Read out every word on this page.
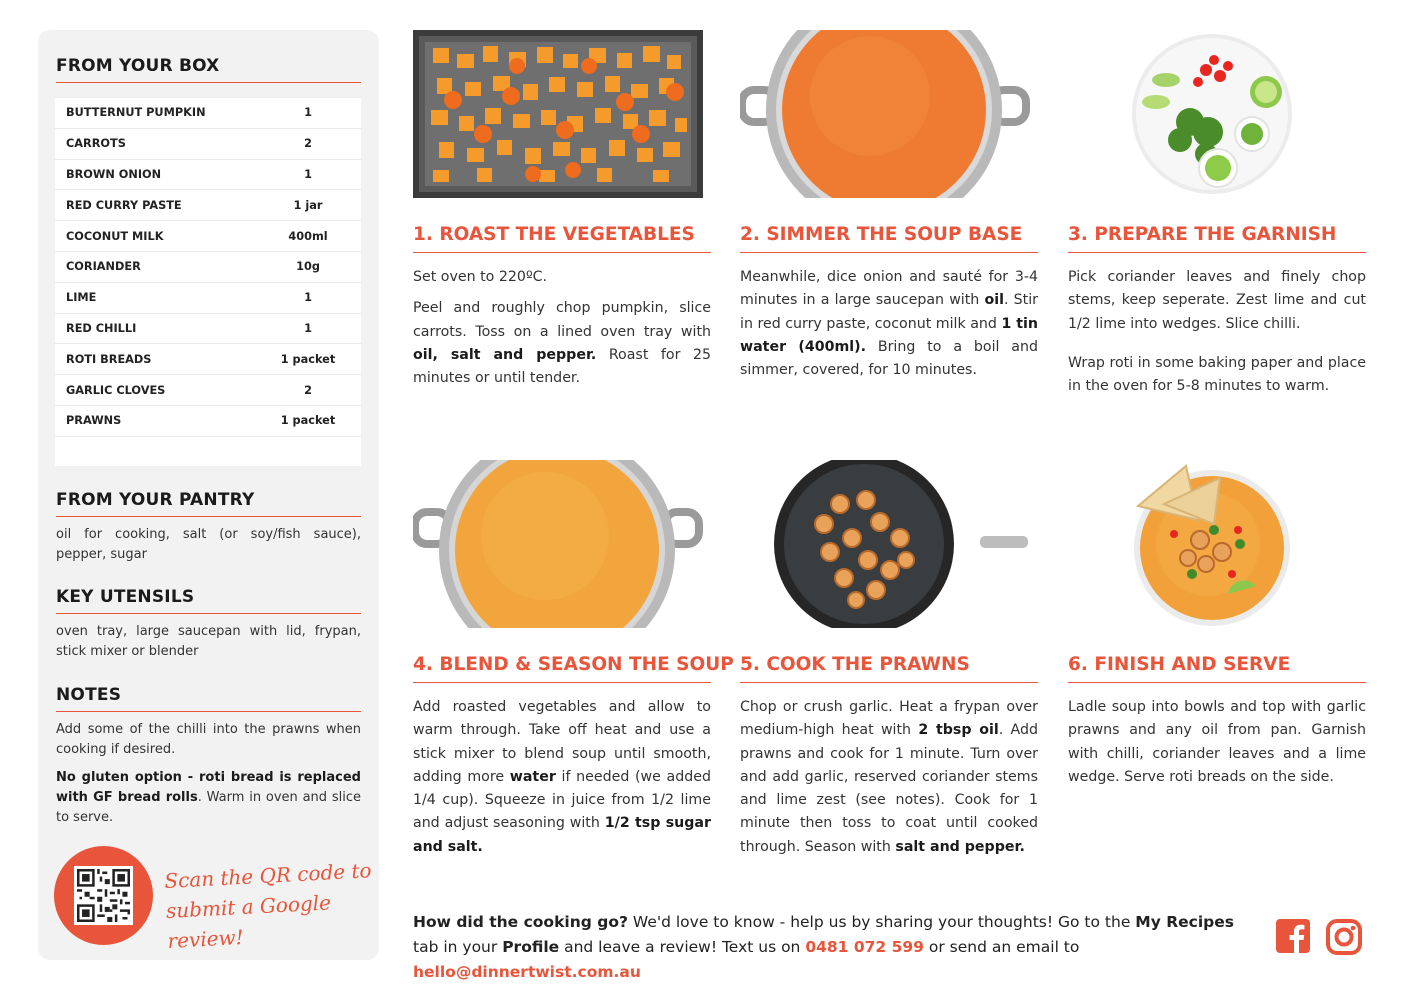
FROM YOUR BOX
BUTTERNUT PUMPKIN	1
CARROTS	2
BROWN ONION	1
RED CURRY PASTE	1 jar
COCONUT MILK	400ml
CORIANDER	10g
LIME	1
RED CHILLI	1
ROTI BREADS	1 packet
GARLIC CLOVES	2
PRAWNS	1 packet
FROM YOUR PANTRY
oil for cooking, salt (or soy/fish sauce), pepper, sugar
KEY UTENSILS
oven tray, large saucepan with lid, frypan, stick mixer or blender
NOTES
Add some of the chilli into the prawns when cooking if desired.
No gluten option - roti bread is replaced with GF bread rolls. Warm in oven and slice to serve.
Scan the QR code to
submit a Google review!
1. ROAST THE VEGETABLES	2. SIMMER THE SOUP BASE	3. PREPARE THE GARNISH

Set oven to 220ºC.

Peel and roughly chop pumpkin, slice carrots. Toss on a lined oven tray with oil, salt and pepper. Roast for 25 minutes or until tender.

Meanwhile, dice onion and sauté for 3-4 minutes in a large saucepan with oil. Stir in red curry paste, coconut milk and 1 tin water (400ml). Bring to a boil and simmer, covered, for 10 minutes.

Pick coriander leaves and finely chop stems, keep seperate. Zest lime and cut 1/2 lime into wedges. Slice chilli.

Wrap roti in some baking paper and place in the oven for 5-8 minutes to warm.

4. BLEND & SEASON THE SOUP 5. COOK THE PRAWNS	6. FINISH AND SERVE

Add roasted vegetables and allow to warm through. Take off heat and use a stick mixer to blend soup until smooth, adding more water if needed (we added 1/4 cup). Squeeze in juice from 1/2 lime and adjust seasoning with 1/2 tsp sugar and salt.

Chop or crush garlic. Heat a frypan over medium-high heat with 2 tbsp oil. Add prawns and cook for 1 minute. Turn over and add garlic, reserved coriander stems and lime zest (see notes). Cook for 1 minute then toss to coat until cooked through. Season with salt and pepper.

Ladle soup into bowls and top with garlic prawns and any oil from pan. Garnish with chilli, coriander leaves and a lime wedge. Serve roti breads on the side.

How did the cooking go? We'd love to know - help us by sharing your thoughts! Go to the My Recipes tab in your Profile and leave a review! Text us on 0481 072 599 or send an email to hello@dinnertwist.com.au
